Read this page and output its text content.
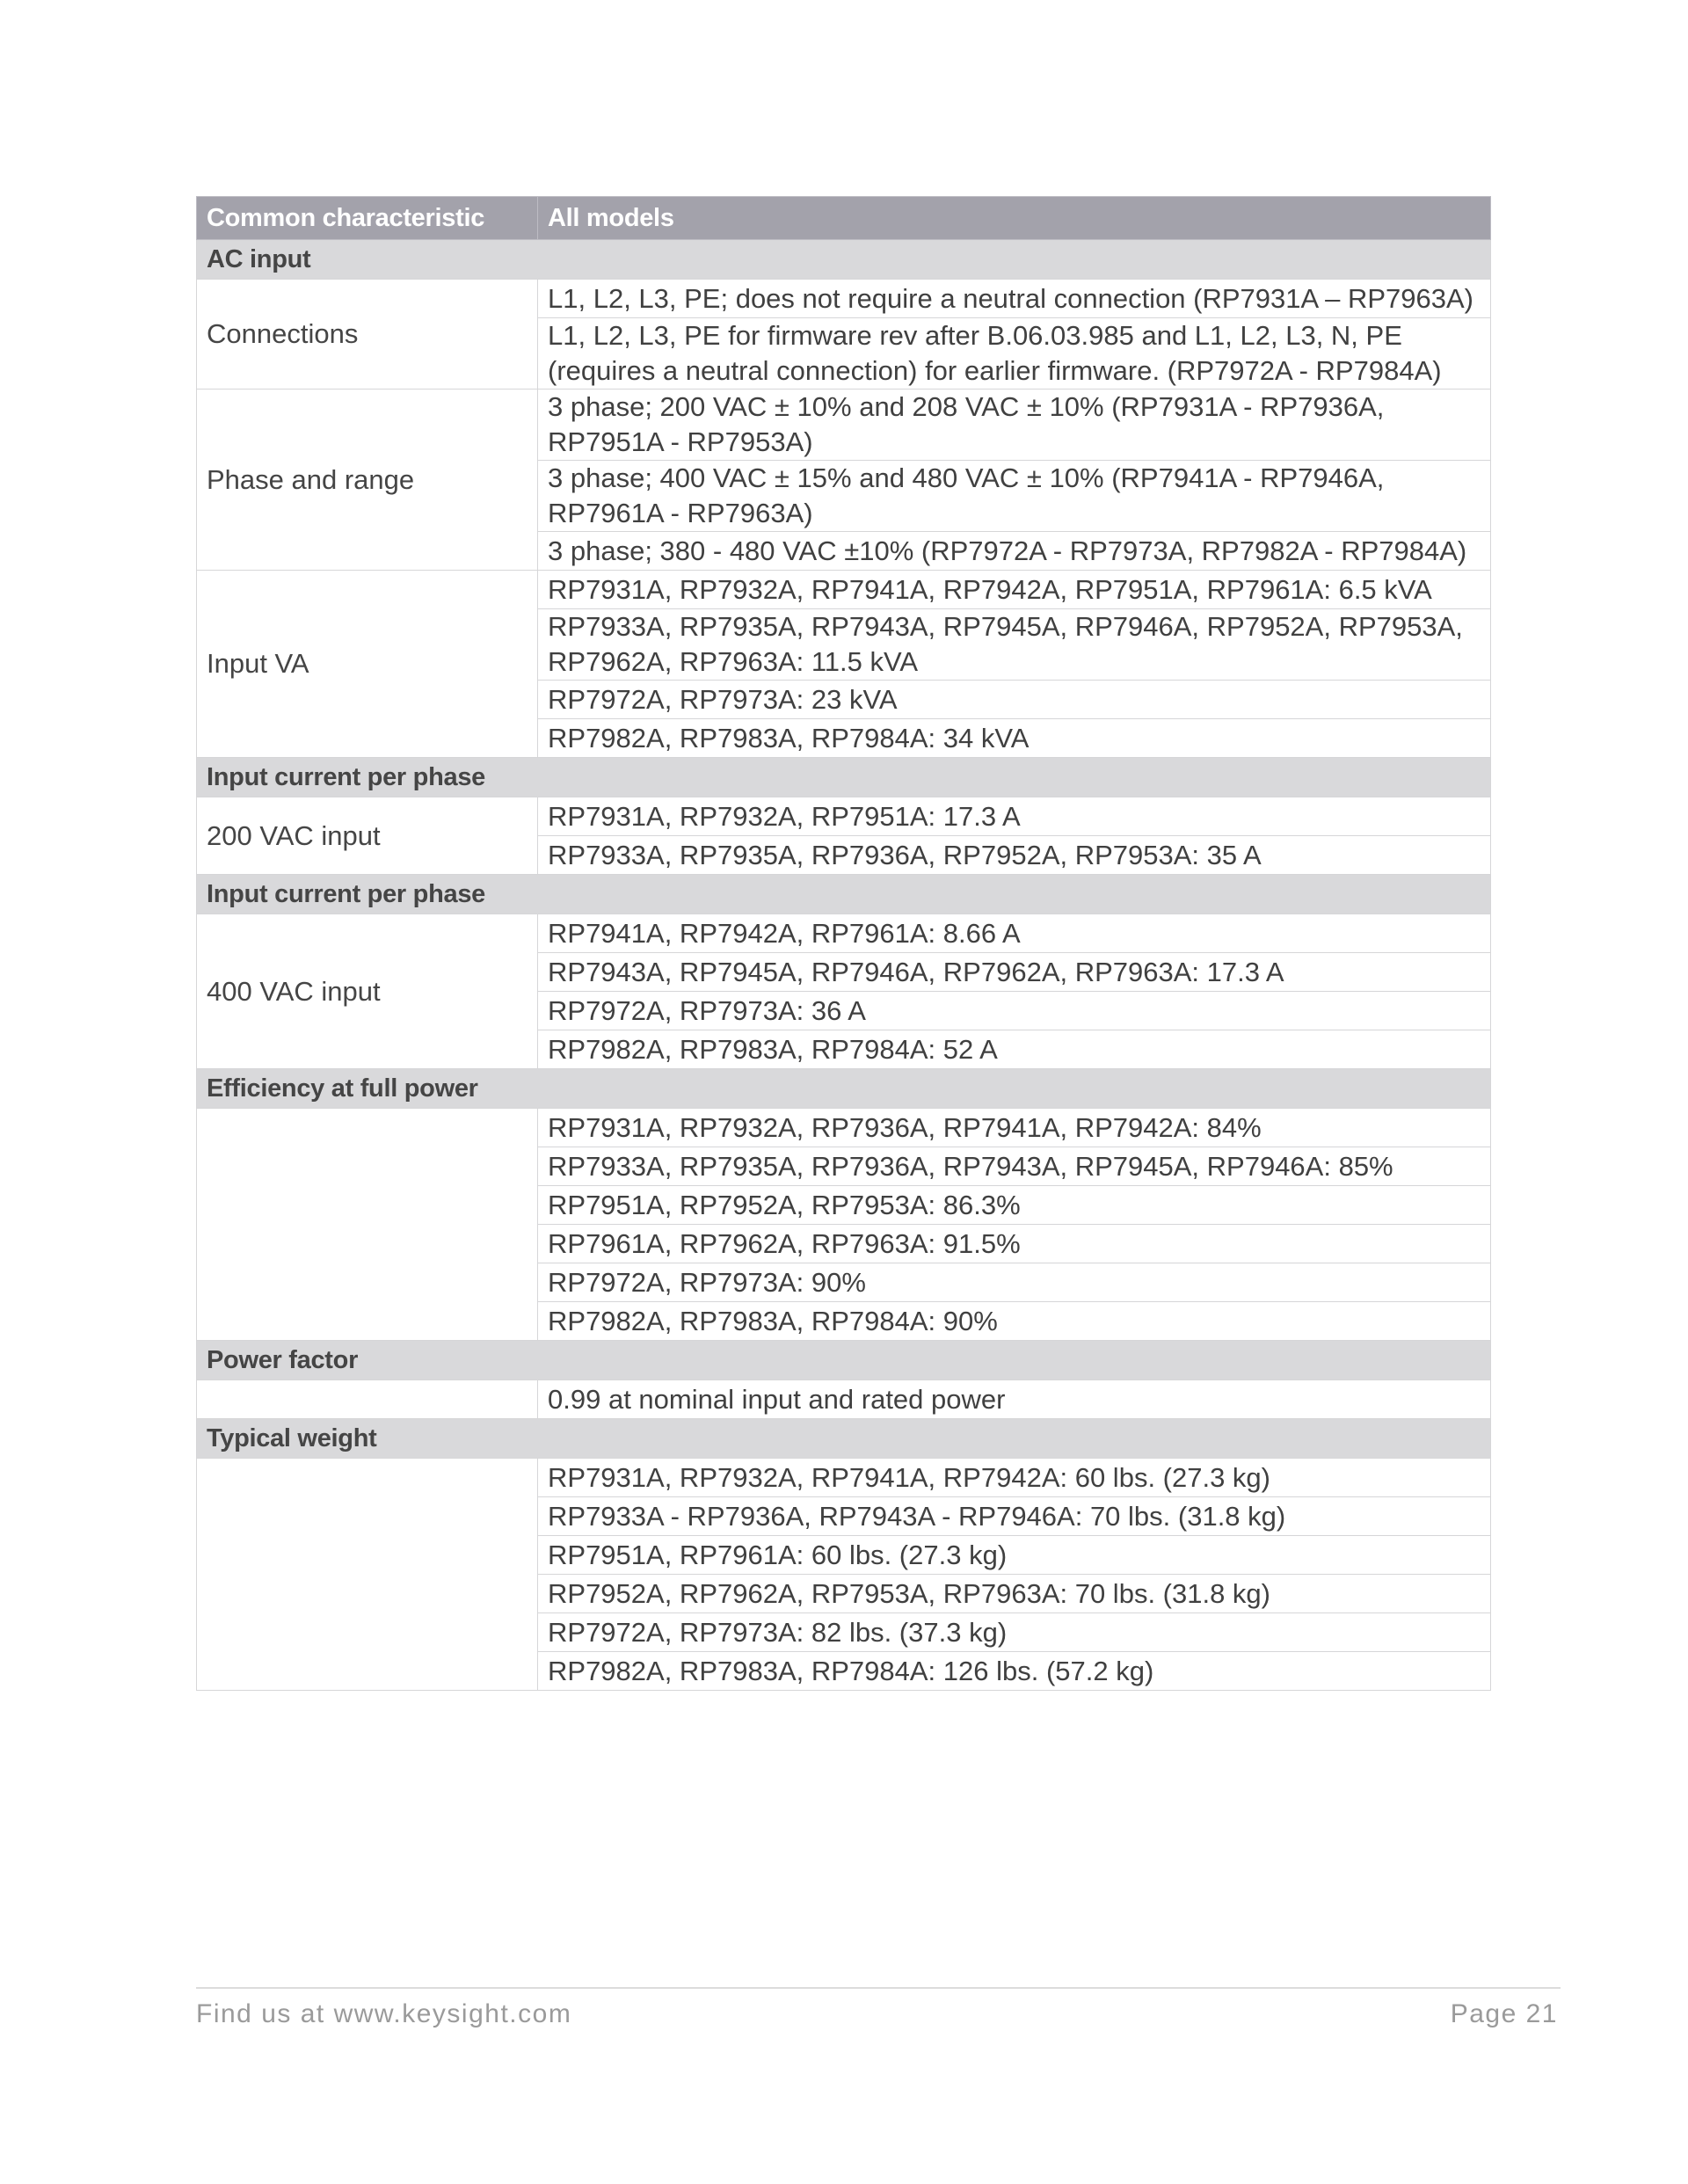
Common characteristic	All models
AC input	
Connections	L1, L2, L3, PE; does not require a neutral connection (RP7931A – RP7963A)
	L1, L2, L3, PE for firmware rev after B.06.03.985 and L1, L2, L3, N, PE (requires a neutral connection) for earlier firmware. (RP7972A - RP7984A)
Phase and range	3 phase; 200 VAC ± 10% and 208 VAC ± 10% (RP7931A - RP7936A, RP7951A - RP7953A)
	3 phase; 400 VAC ± 15% and 480 VAC ± 10% (RP7941A - RP7946A, RP7961A - RP7963A)
	3 phase; 380 - 480 VAC ±10% (RP7972A - RP7973A, RP7982A - RP7984A)
Input VA	RP7931A, RP7932A, RP7941A, RP7942A, RP7951A, RP7961A: 6.5 kVA
	RP7933A, RP7935A, RP7943A, RP7945A, RP7946A, RP7952A, RP7953A, RP7962A, RP7963A: 11.5 kVA
	RP7972A, RP7973A: 23 kVA
	RP7982A, RP7983A, RP7984A: 34 kVA
Input current per phase	
200 VAC input	RP7931A, RP7932A, RP7951A: 17.3 A
	RP7933A, RP7935A, RP7936A, RP7952A, RP7953A: 35 A
Input current per phase	
400 VAC input	RP7941A, RP7942A, RP7961A: 8.66 A
	RP7943A, RP7945A, RP7946A, RP7962A, RP7963A: 17.3 A
	RP7972A, RP7973A: 36 A
	RP7982A, RP7983A, RP7984A: 52 A
Efficiency at full power	
	RP7931A, RP7932A, RP7936A, RP7941A, RP7942A: 84%
	RP7933A, RP7935A, RP7936A, RP7943A, RP7945A, RP7946A: 85%
	RP7951A, RP7952A, RP7953A: 86.3%
	RP7961A, RP7962A, RP7963A: 91.5%
	RP7972A, RP7973A: 90%
	RP7982A, RP7983A, RP7984A: 90%
Power factor	
	0.99 at nominal input and rated power
Typical weight	
	RP7931A, RP7932A, RP7941A, RP7942A: 60 lbs. (27.3 kg)
	RP7933A - RP7936A, RP7943A - RP7946A: 70 lbs. (31.8 kg)
	RP7951A, RP7961A: 60 lbs. (27.3 kg)
	RP7952A, RP7962A, RP7953A, RP7963A: 70 lbs. (31.8 kg)
	RP7972A, RP7973A: 82 lbs. (37.3 kg)
	RP7982A, RP7983A, RP7984A: 126 lbs. (57.2 kg)
Find us at www.keysight.com	Page 21
